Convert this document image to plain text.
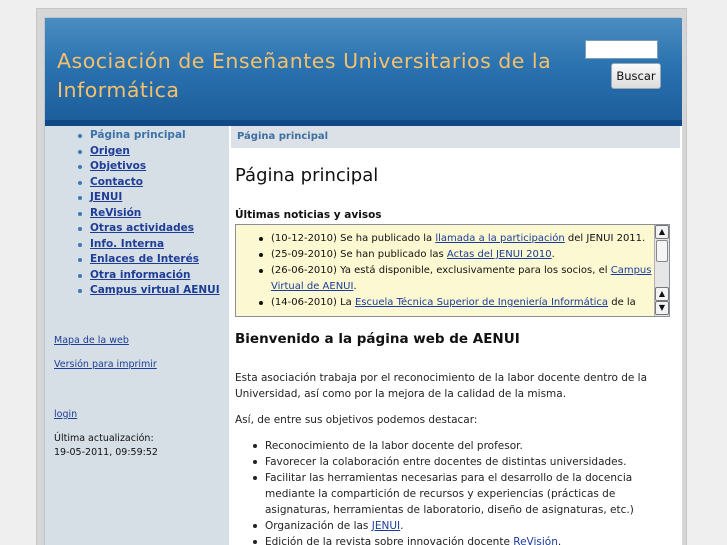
Asociación de Enseñantes Universitarios de la Informática
Buscar
Página principal
Origen
Objetivos
Contacto
JENUI
ReVisión
Otras actividades
Info. Interna
Enlaces de Interés
Otra información
Campus virtual AENUI
Mapa de la web
Versión para imprimir
login
Última actualización:
19-05-2011, 09:59:52
Página principal
Página principal
Últimas noticias y avisos
(10-12-2010) Se ha publicado la llamada a la participación del JENUI 2011.
(25-09-2010) Se han publicado las Actas del JENUI 2010.
(26-06-2010) Ya está disponible, exclusivamente para los socios, el Campus Virtual de AENUI.
(14-06-2010) La Escuela Técnica Superior de Ingeniería Informática de la
▲
▲
▼
Bienvenido a la página web de AENUI

Esta asociación trabaja por el reconocimiento de la labor docente dentro de la Universidad, así como por la mejora de la calidad de la misma.

Así, de entre sus objetivos podemos destacar:

Reconocimiento de la labor docente del profesor.
Favorecer la colaboración entre docentes de distintas universidades.
Facilitar las herramientas necesarias para el desarrollo de la docencia mediante la compartición de recursos y experiencias (prácticas de asignaturas, herramientas de laboratorio, diseño de asignaturas, etc.)
Organización de las JENUI.
Edición de la revista sobre innovación docente ReVisión.
